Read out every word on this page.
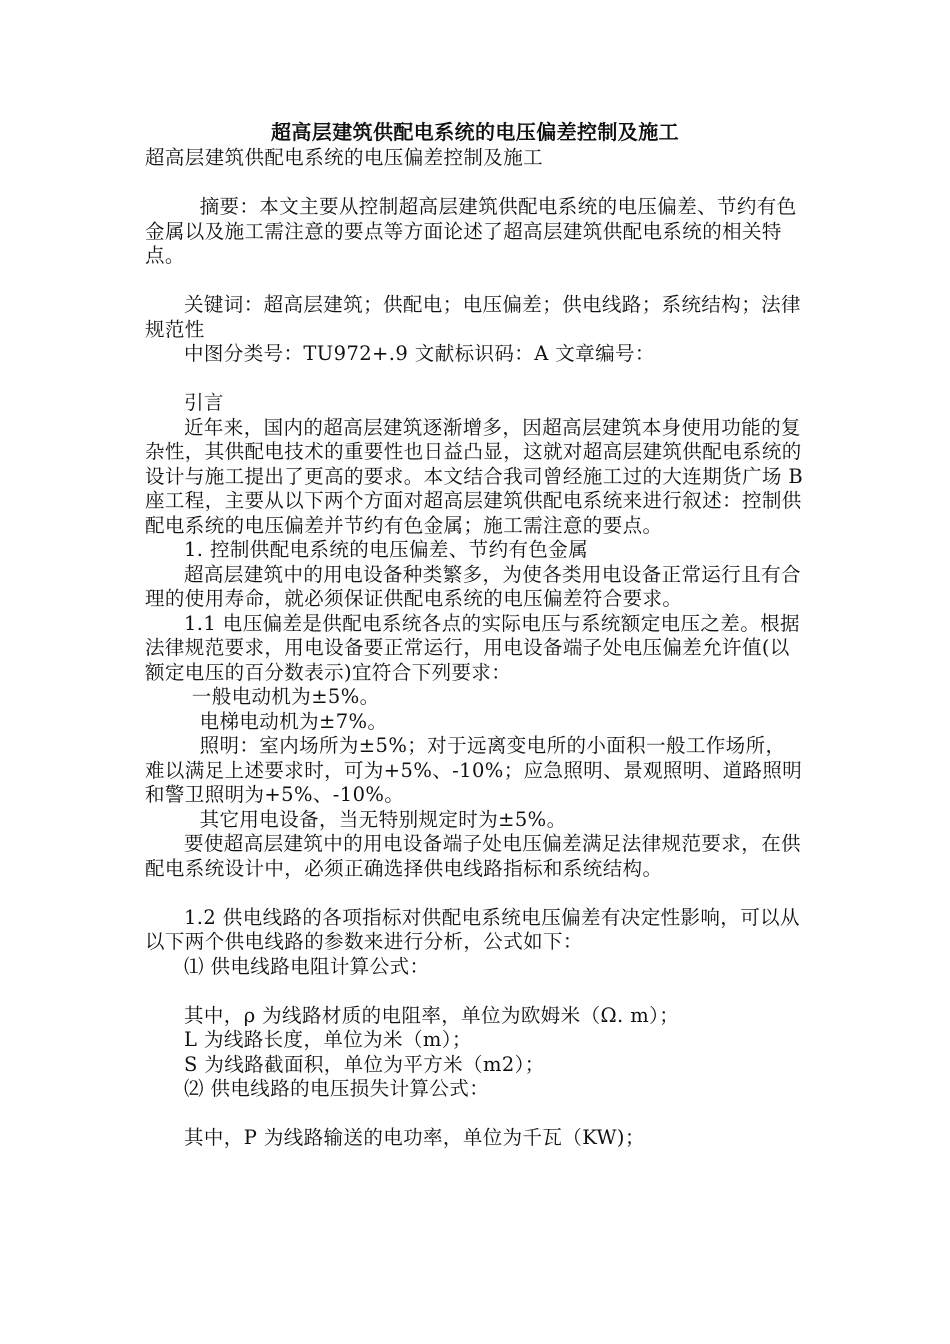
超高层建筑供配电系统的电压偏差控制及施工

超高层建筑供配电系统的电压偏差控制及施工

摘要：本文主要从控制超高层建筑供配电系统的电压偏差、节约有色金属以及施工需注意的要点等方面论述了超高层建筑供配电系统的相关特点。

关键词：超高层建筑；供配电；电压偏差；供电线路；系统结构；法律规范性

中图分类号：TU972+.9 文献标识码：A 文章编号：

引言

近年来，国内的超高层建筑逐渐增多，因超高层建筑本身使用功能的复杂性，其供配电技术的重要性也日益凸显，这就对超高层建筑供配电系统的设计与施工提出了更高的要求。本文结合我司曾经施工过的大连期货广场 B 座工程，主要从以下两个方面对超高层建筑供配电系统来进行叙述：控制供配电系统的电压偏差并节约有色金属；施工需注意的要点。

1. 控制供配电系统的电压偏差、节约有色金属

超高层建筑中的用电设备种类繁多，为使各类用电设备正常运行且有合理的使用寿命，就必须保证供配电系统的电压偏差符合要求。

1.1 电压偏差是供配电系统各点的实际电压与系统额定电压之差。根据法律规范要求，用电设备要正常运行，用电设备端子处电压偏差允许值(以额定电压的百分数表示)宜符合下列要求：

一般电动机为±5%。

电梯电动机为±7%。

照明：室内场所为±5%；对于远离变电所的小面积一般工作场所，难以满足上述要求时，可为+5%、-10%；应急照明、景观照明、道路照明和警卫照明为+5%、-10%。

其它用电设备，当无特别规定时为±5%。

要使超高层建筑中的用电设备端子处电压偏差满足法律规范要求，在供配电系统设计中，必须正确选择供电线路指标和系统结构。

1.2 供电线路的各项指标对供配电系统电压偏差有决定性影响，可以从以下两个供电线路的参数来进行分析，公式如下：

⑴ 供电线路电阻计算公式：

其中，ρ 为线路材质的电阻率，单位为欧姆米（Ω. m）；

L 为线路长度，单位为米（m）；

S 为线路截面积，单位为平方米（m2）；

⑵ 供电线路的电压损失计算公式：

其中，P 为线路输送的电功率，单位为千瓦（KW)；
